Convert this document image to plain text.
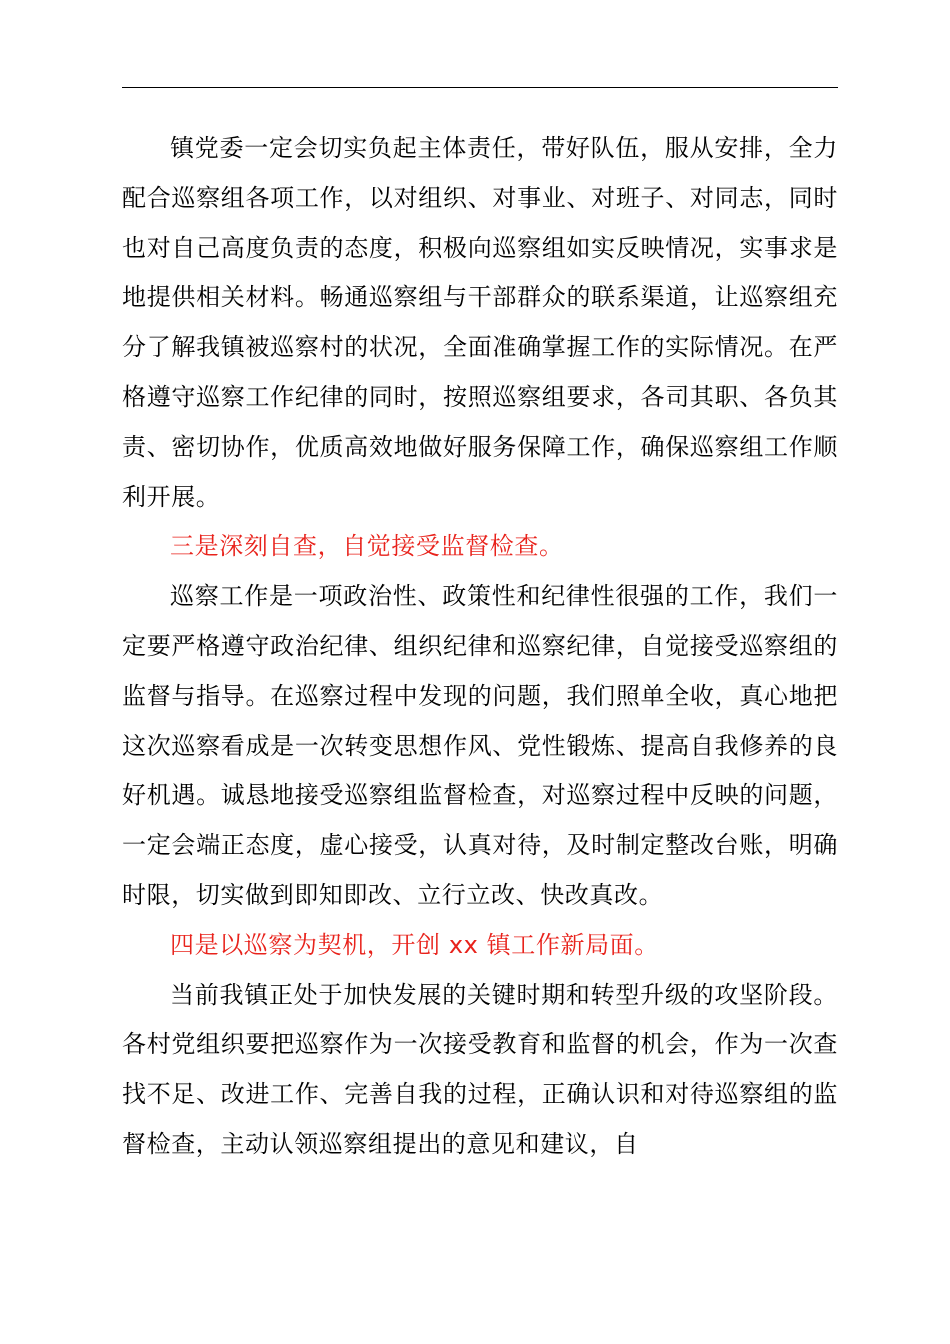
镇党委一定会切实负起主体责任，带好队伍，服从安排，全力配合巡察组各项工作，以对组织、对事业、对班子、对同志，同时也对自己高度负责的态度，积极向巡察组如实反映情况，实事求是地提供相关材料。畅通巡察组与干部群众的联系渠道，让巡察组充分了解我镇被巡察村的状况，全面准确掌握工作的实际情况。在严格遵守巡察工作纪律的同时，按照巡察组要求，各司其职、各负其责、密切协作，优质高效地做好服务保障工作，确保巡察组工作顺利开展。

三是深刻自查，自觉接受监督检查。

巡察工作是一项政治性、政策性和纪律性很强的工作，我们一定要严格遵守政治纪律、组织纪律和巡察纪律，自觉接受巡察组的监督与指导。在巡察过程中发现的问题，我们照单全收，真心地把这次巡察看成是一次转变思想作风、党性锻炼、提高自我修养的良好机遇。诚恳地接受巡察组监督检查，对巡察过程中反映的问题，一定会端正态度，虚心接受，认真对待，及时制定整改台账，明确时限，切实做到即知即改、立行立改、快改真改。

四是以巡察为契机，开创 xx 镇工作新局面。

当前我镇正处于加快发展的关键时期和转型升级的攻坚阶段。各村党组织要把巡察作为一次接受教育和监督的机会，作为一次查找不足、改进工作、完善自我的过程，正确认识和对待巡察组的监督检查，主动认领巡察组提出的意见和建议，自
